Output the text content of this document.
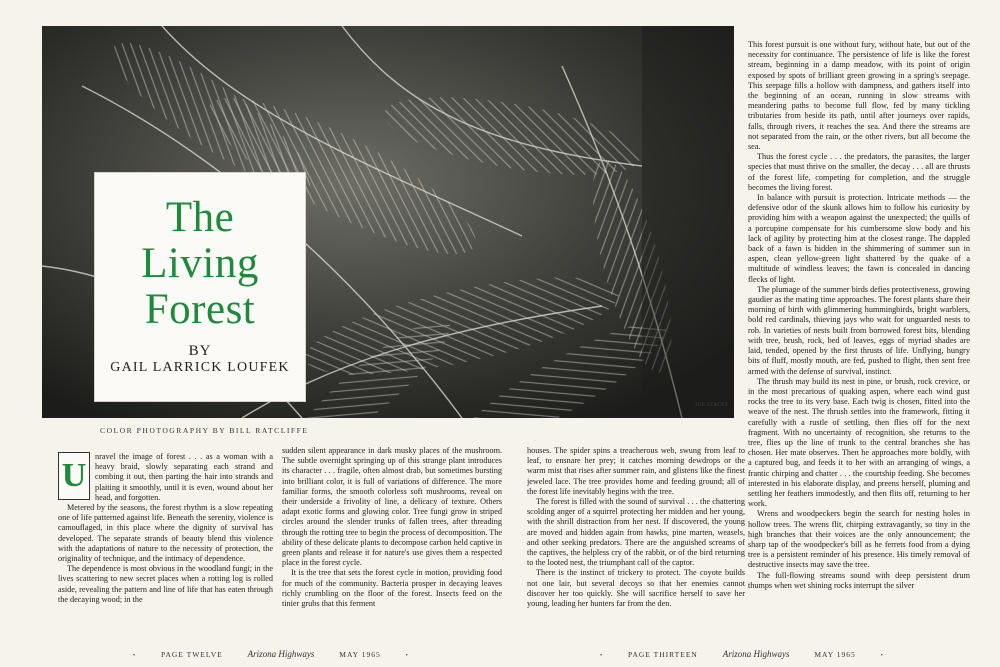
JOE STACEY
The
Living
Forest
BY
GAIL LARRICK LOUFEK
COLOR PHOTOGRAPHY BY BILL RATCLIFFE
U

nravel the image of forest . . . as a woman with a heavy braid, slowly separating each strand and combing it out, then parting the hair into strands and plaiting it smoothly, until it is even, wound about her head, and forgotten.

Metered by the seasons, the forest rhythm is a slow repeating one of life patterned against life. Beneath the serenity, violence is camouflaged, in this place where the dignity of survival has developed. The separate strands of beauty blend this violence with the adaptations of nature to the necessity of protection, the originality of technique, and the intimacy of dependence.

The dependence is most obvious in the woodland fungi; in the lives scattering to new secret places when a rotting log is rolled aside, revealing the pattern and line of life that has eaten through the decaying wood; in the

sudden silent appearance in dark musky places of the mushroom. The subtle overnight springing up of this strange plant introduces its character . . . fragile, often almost drab, but sometimes bursting into brilliant color, it is full of variations of difference. The more familiar forms, the smooth colorless soft mushrooms, reveal on their underside a frivolity of line, a delicacy of texture. Others adapt exotic forms and glowing color. Tree fungi grow in striped circles around the slender trunks of fallen trees, after threading through the rotting tree to begin the process of decomposition. The ability of these delicate plants to decompose carbon held captive in green plants and release it for nature's use gives them a respected place in the forest cycle.

It is the tree that sets the forest cycle in motion, providing food for much of the community. Bacteria prosper in decaying leaves richly crumbling on the floor of the forest. Insects feed on the tinier grubs that this ferment

houses. The spider spins a treacherous web, swung from leaf to leaf, to ensnare her prey; it catches morning dewdrops or the warm mist that rises after summer rain, and glistens like the finest jeweled lace. The tree provides home and feeding ground; all of the forest life inevitably begins with the tree.

The forest is filled with the sound of survival . . . the chattering scolding anger of a squirrel protecting her midden and her young, with the shrill distraction from her nest. If discovered, the young are moved and hidden again from hawks, pine marten, weasels, and other seeking predators. There are the anguished screams of the captives, the helpless cry of the rabbit, or of the bird returning to the looted nest, the triumphant call of the captor.

There is the instinct of trickery to protect. The coyote builds not one lair, but several decoys so that her enemies cannot discover her too quickly. She will sacrifice herself to save her young, leading her hunters far from the den.

This forest pursuit is one without fury, without hate, but out of the necessity for continuance. The persistence of life is like the forest stream, beginning in a damp meadow, with its point of origin exposed by spots of brilliant green growing in a spring's seepage. This seepage fills a hollow with dampness, and gathers itself into the beginning of an ocean, running in slow streams with meandering paths to become full flow, fed by many tickling tributaries from beside its path, until after journeys over rapids, falls, through rivers, it reaches the sea. And there the streams are not separated from the rain, or the other rivers, but all become the sea.

Thus the forest cycle . . . the predators, the parasites, the larger species that must thrive on the smaller, the decay . . . all are thrusts of the forest life, competing for completion, and the struggle becomes the living forest.

In balance with pursuit is protection. Intricate methods — the defensive odor of the skunk allows him to follow his curiosity by providing him with a weapon against the unexpected; the quills of a porcupine compensate for his cumbersome slow body and his lack of agility by protecting him at the closest range. The dappled back of a fawn is hidden in the shimmering of summer sun in aspen, clean yellow-green light shattered by the quake of a multitude of windless leaves; the fawn is concealed in dancing flecks of light.

The plumage of the summer birds defies protectiveness, growing gaudier as the mating time approaches. The forest plants share their morning of birth with glimmering hummingbirds, bright warblers, bold red cardinals, thieving jays who wait for unguarded nests to rob. In varieties of nests built from borrowed forest bits, blending with tree, brush, rock, bed of leaves, eggs of myriad shades are laid, tended, opened by the first thrusts of life. Unflying, hungry bits of fluff, mostly mouth, are fed, pushed to flight, then sent free armed with the defense of survival, instinct.

The thrush may build its nest in pine, or brush, rock crevice, or in the most precarious of quaking aspen, where each wind gust rocks the tree to its very base. Each twig is chosen, fitted into the weave of the nest. The thrush settles into the framework, fitting it carefully with a rustle of settling, then flies off for the next fragment. With no uncertainty of recognition, she returns to the tree, flies up the line of trunk to the central branches she has chosen. Her mate observes. Then he approaches more boldly, with a captured bug, and feeds it to her with an arranging of wings, a frantic chirping and chatter . . . the courtship feeding. She becomes interested in his elaborate display, and preens herself, pluming and settling her feathers immodestly, and then flits off, returning to her work.

Wrens and woodpeckers begin the search for nesting holes in hollow trees. The wrens flit, chirping extravagantly, so tiny in the high branches that their voices are the only announcement; the sharp tap of the woodpecker's bill as he ferrets food from a dying tree is a persistent reminder of his presence. His timely removal of destructive insects may save the tree.

The full-flowing streams sound with deep persistent drum thumps when wet shining rocks interrupt the silver

•	PAGE TWELVE	Arizona Highways	MAY 1965	•	•	PAGE THIRTEEN	Arizona Highways	MAY 1965	•
